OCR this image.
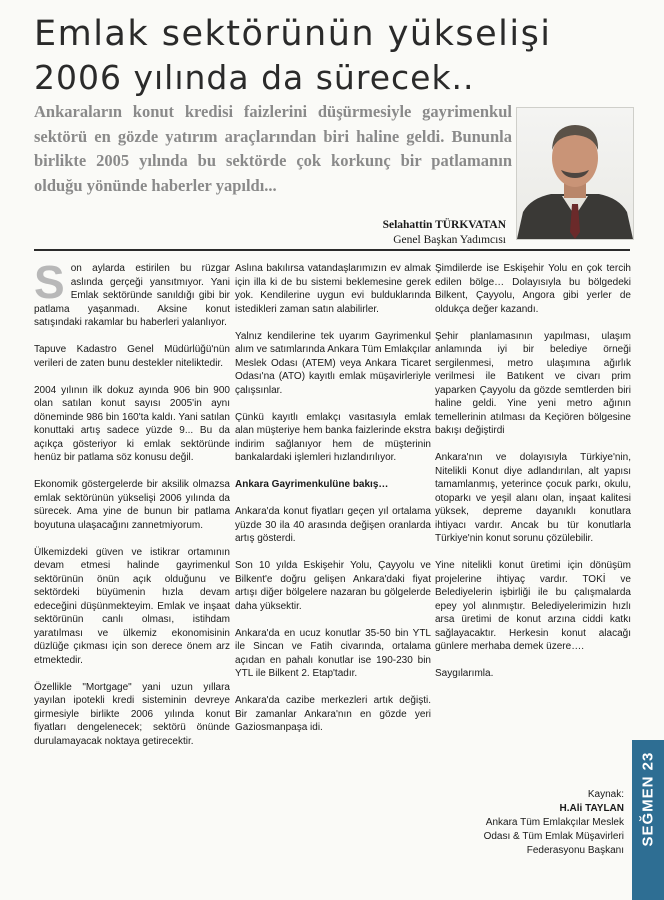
Emlak sektörünün yükselişi
2006 yılında da sürecek..
Ankaraların konut kredisi faizlerini düşürmesiyle gayrimenkul sektörü en gözde yatırım araçlarından biri haline geldi. Bununla birlikte 2005 yılında bu sektörde çok korkunç bir patlamanın olduğu yönünde haberler yapıldı...
Selahattin TÜRKVATAN
Genel Başkan Yadımcısı

Son aylarda estirilen bu rüzgar aslında gerçeği yansıtmıyor. Yani Emlak sektöründe sanıldığı gibi bir patlama yaşanmadı. Aksine konut satışındaki rakamlar bu haberleri yalanlıyor.

Tapuve Kadastro Genel Müdürlüğü'nün verileri de zaten bunu destekler niteliktedir.

2004 yılının ilk dokuz ayında 906 bin 900 olan satılan konut sayısı 2005'in aynı döneminde 986 bin 160'ta kaldı. Yani satılan konuttaki artış sadece yüzde 9... Bu da açıkça gösteriyor ki emlak sektöründe henüz bir patlama söz konusu değil.

Ekonomik göstergelerde bir aksilik olmazsa emlak sektörünün yükselişi 2006 yılında da sürecek. Ama yine de bunun bir patlama boyutuna ulaşacağını zannetmiyorum.

Ülkemizdeki güven ve istikrar ortamının devam etmesi halinde gayrimenkul sektörünün önün açık olduğunu ve sektördeki büyümenin hızla devam edeceğini düşünmekteyim. Emlak ve inşaat sektörünün canlı olması, istihdam yaratılması ve ülkemiz ekonomisinin düzlüğe çıkması için son derece önem arz etmektedir.

Özellikle "Mortgage" yani uzun yıllara yayılan ipotekli kredi sisteminin devreye girmesiyle birlikte 2006 yılında konut fiyatları dengelenecek; sektörü önünde durulamayacak noktaya getirecektir.

Aslına bakılırsa vatandaşlarımızın ev almak için illa ki de bu sistemi beklemesine gerek yok. Kendilerine uygun evi bulduklarında istedikleri zaman satın alabilirler.

Yalnız kendilerine tek uyarım Gayrimenkul alım ve satımlarında Ankara Tüm Emlakçılar Meslek Odası (ATEM) veya Ankara Ticaret Odası'na (ATO) kayıtlı emlak müşavirleriyle çalışsınlar.

Çünkü kayıtlı emlakçı vasıtasıyla emlak alan müşteriye hem banka faizlerinde ekstra indirim sağlanıyor hem de müşterinin bankalardaki işlemleri hızlandırılıyor.

Ankara Gayrimenkulüne bakış…

Ankara'da konut fiyatları geçen yıl ortalama yüzde 30 ila 40 arasında değişen oranlarda artış gösterdi.

Son 10 yılda Eskişehir Yolu, Çayyolu ve Bilkent'e doğru gelişen Ankara'daki fiyat artışı diğer bölgelere nazaran bu gölgelerde daha yüksektir.

Ankara'da en ucuz konutlar 35-50 bin YTL ile Sincan ve Fatih civarında, ortalama açıdan en pahalı konutlar ise 190-230 bin YTL ile Bilkent 2. Etap'tadır.

Ankara'da cazibe merkezleri artık değişti. Bir zamanlar Ankara'nın en gözde yeri Gaziosmanpaşa idi.

Şimdilerde ise Eskişehir Yolu en çok tercih edilen bölge… Dolayısıyla bu bölgedeki Bilkent, Çayyolu, Angora gibi yerler de oldukça değer kazandı.

Şehir planlamasının yapılması, ulaşım anlamında iyi bir belediye örneği sergilenmesi, metro ulaşımına ağırlık verilmesi ile Batıkent ve civarı prim yaparken Çayyolu da gözde semtlerden biri haline geldi. Yine yeni metro ağının temellerinin atılması da Keçiören bölgesine bakışı değiştirdi

Ankara'nın ve dolayısıyla Türkiye'nin, Nitelikli Konut diye adlandırılan, alt yapısı tamamlanmış, yeterince çocuk parkı, okulu, otoparkı ve yeşil alanı olan, inşaat kalitesi yüksek, depreme dayanıklı konutlara ihtiyacı vardır. Ancak bu tür konutlarla Türkiye'nin konut sorunu çözülebilir.

Yine nitelikli konut üretimi için dönüşüm projelerine ihtiyaç vardır. TOKİ ve Belediyelerin işbirliği ile bu çalışmalarda epey yol alınmıştır. Belediyelerimizin hızlı arsa üretimi de konut arzına ciddi katkı sağlayacaktır. Herkesin konut alacağı günlere merhaba demek üzere….

Saygılarımla.

Kaynak:
H.Ali TAYLAN
Ankara Tüm Emlakçılar Meslek
Odası & Tüm Emlak Müşavirleri
Federasyonu Başkanı
SEĞMEN 23
